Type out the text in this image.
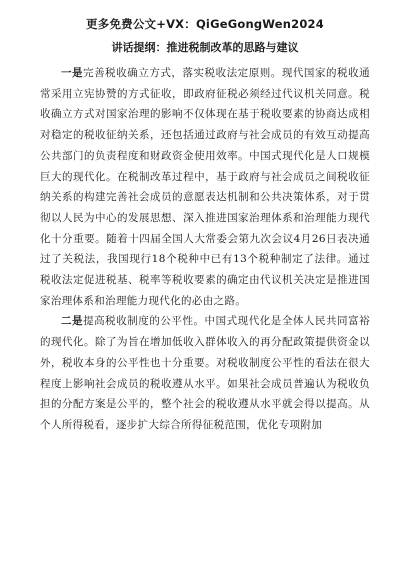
更多免费公文+VX：QiGeGongWen2024
讲话提纲：推进税制改革的思路与建议

一是完善税收确立方式，落实税收法定原则。现代国家的税收通常采用立宪协赞的方式征收，即政府征税必须经过代议机关同意。税收确立方式对国家治理的影响不仅体现在基于税收要素的协商达成相对稳定的税收征纳关系，还包括通过政府与社会成员的有效互动提高公共部门的负责程度和财政资金使用效率。中国式现代化是人口规模巨大的现代化。在税制改革过程中，基于政府与社会成员之间税收征纳关系的构建完善社会成员的意愿表达机制和公共决策体系，对于贯彻以人民为中心的发展思想、深入推进国家治理体系和治理能力现代化十分重要。随着十四届全国人大常委会第九次会议4月26日表决通过了关税法，我国现行18个税种中已有13个税种制定了法律。通过税收法定促进税基、税率等税收要素的确定由代议机关决定是推进国家治理体系和治理能力现代化的必由之路。

二是提高税收制度的公平性。中国式现代化是全体人民共同富裕的现代化。除了为旨在增加低收入群体收入的再分配政策提供资金以外，税收本身的公平性也十分重要。对税收制度公平性的看法在很大程度上影响社会成员的税收遵从水平。如果社会成员普遍认为税收负担的分配方案是公平的，整个社会的税收遵从水平就会得以提高。从个人所得税看，逐步扩大综合所得征税范围，优化专项附加
